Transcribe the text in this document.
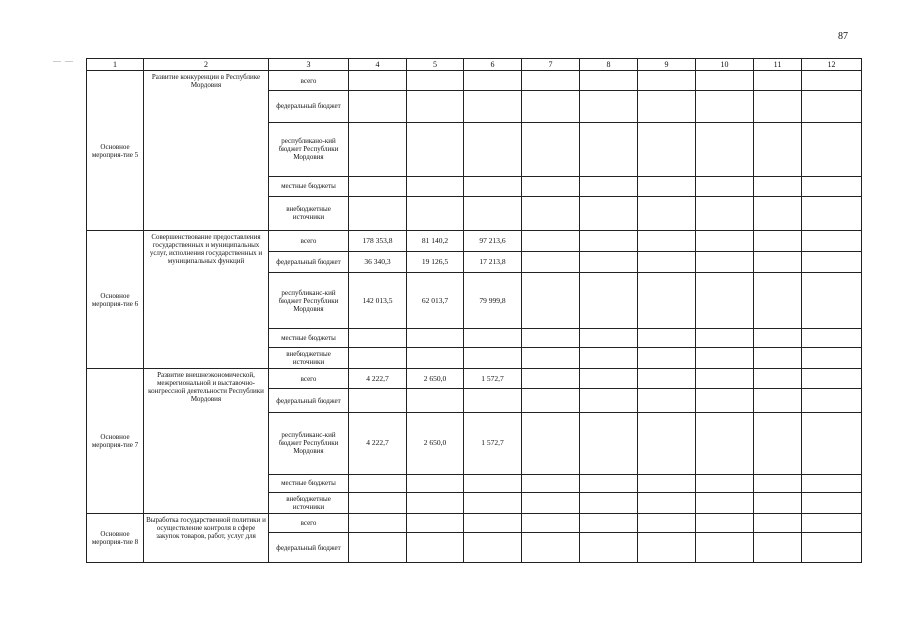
87
— —	1	2	3	4	5	6	7	8	9	10	11	12
Основное мероприя-тие 5	Развитие конкуренции в Республике Мордовия	всего									
		федеральный бюджет									
		республикано-кий бюджет Республики Мордовия									
		местные бюджеты									
		внебюджетные источники									
Основное мероприя-тие 6	Совершенствование предоставления государственных и муниципальных услуг, исполнения государственных и муниципальных функций	всего	178 353,8	81 140,2	97 213,6						
		федеральный бюджет	36 340,3	19 126,5	17 213,8						
		республиканс-кий бюджет Республики Мордовия	142 013,5	62 013,7	79 999,8						
		местные бюджеты									
		внебюджетные источники									
Основное мероприя-тие 7	Развитие внешнеэкономической, межрегиональной и выставочно-конгрессной деятельности Республики Мордовия	всего	4 222,7	2 650,0	1 572,7						
		федеральный бюджет									
		республиканс-кий бюджет Республики Мордовия	4 222,7	2 650,0	1 572,7						
		местные бюджеты									
		внебюджетные источники									
Основное мероприя-тие 8	Выработка государственной политики и осуществление контроля в сфере закупок товаров, работ, услуг для	всего									
		федеральный бюджет									
